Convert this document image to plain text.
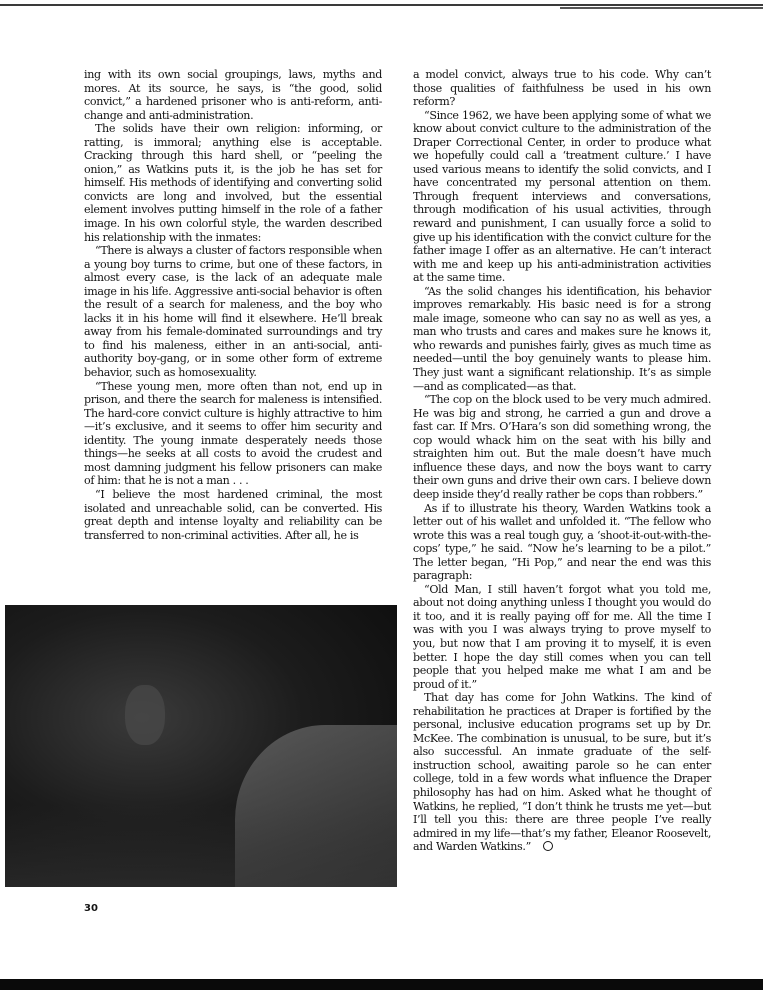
ing with its own social groupings, laws, myths and mores. At its source, he says, is “the good, solid convict,” a hardened prisoner who is anti-reform, anti-change and anti-administration.

The solids have their own religion: informing, or ratting, is immoral; anything else is acceptable. Cracking through this hard shell, or “peeling the onion,” as Watkins puts it, is the job he has set for himself. His methods of identifying and converting solid convicts are long and involved, but the essential element involves putting himself in the role of a father image. In his own colorful style, the warden described his relationship with the inmates:

“There is always a cluster of factors responsible when a young boy turns to crime, but one of these factors, in almost every case, is the lack of an adequate male image in his life. Aggressive anti-social behavior is often the result of a search for maleness, and the boy who lacks it in his home will find it elsewhere. He’ll break away from his female-dominated surroundings and try to find his maleness, either in an anti-social, anti-authority boy-gang, or in some other form of extreme behavior, such as homosexuality.

“These young men, more often than not, end up in prison, and there the search for maleness is intensified. The hard-core convict culture is highly attractive to him—it’s exclusive, and it seems to offer him security and identity. The young inmate desperately needs those things—he seeks at all costs to avoid the crudest and most damning judgment his fellow prisoners can make of him: that he is not a man . . .

“I believe the most hardened criminal, the most isolated and unreachable solid, can be converted. His great depth and intense loyalty and reliability can be transferred to non-criminal activities. After all, he is

a model convict, always true to his code. Why can’t those qualities of faithfulness be used in his own reform?

“Since 1962, we have been applying some of what we know about convict culture to the administration of the Draper Correctional Center, in order to produce what we hopefully could call a ‘treatment culture.’ I have used various means to identify the solid convicts, and I have concentrated my personal attention on them. Through frequent interviews and conversations, through modification of his usual activities, through reward and punishment, I can usually force a solid to give up his identification with the convict culture for the father image I offer as an alternative. He can’t interact with me and keep up his anti-administration activities at the same time.

“As the solid changes his identification, his behavior improves remarkably. His basic need is for a strong male image, someone who can say no as well as yes, a man who trusts and cares and makes sure he knows it, who rewards and punishes fairly, gives as much time as needed—until the boy genuinely wants to please him. They just want a significant relationship. It’s as simple—and as complicated—as that.

“The cop on the block used to be very much admired. He was big and strong, he carried a gun and drove a fast car. If Mrs. O’Hara’s son did something wrong, the cop would whack him on the seat with his billy and straighten him out. But the male doesn’t have much influence these days, and now the boys want to carry their own guns and drive their own cars. I believe down deep inside they’d really rather be cops than robbers.”

As if to illustrate his theory, Warden Watkins took a letter out of his wallet and unfolded it. “The fellow who wrote this was a real tough guy, a ‘shoot-it-out-with-the-cops’ type,” he said. “Now he’s learning to be a pilot.” The letter began, “Hi Pop,” and near the end was this paragraph:

“Old Man, I still haven’t forgot what you told me, about not doing anything unless I thought you would do it too, and it is really paying off for me. All the time I was with you I was always trying to prove myself to you, but now that I am proving it to myself, it is even better. I hope the day still comes when you can tell people that you helped make me what I am and be proud of it.”

That day has come for John Watkins. The kind of rehabilitation he practices at Draper is fortified by the personal, inclusive education programs set up by Dr. McKee. The combination is unusual, to be sure, but it’s also successful. An inmate graduate of the self-instruction school, awaiting parole so he can enter college, told in a few words what influence the Draper philosophy has had on him. Asked what he thought of Watkins, he replied, “I don’t think he trusts me yet—but I’ll tell you this: there are three people I’ve really admired in my life—that’s my father, Eleanor Roosevelt, and Warden Watkins.”

30
